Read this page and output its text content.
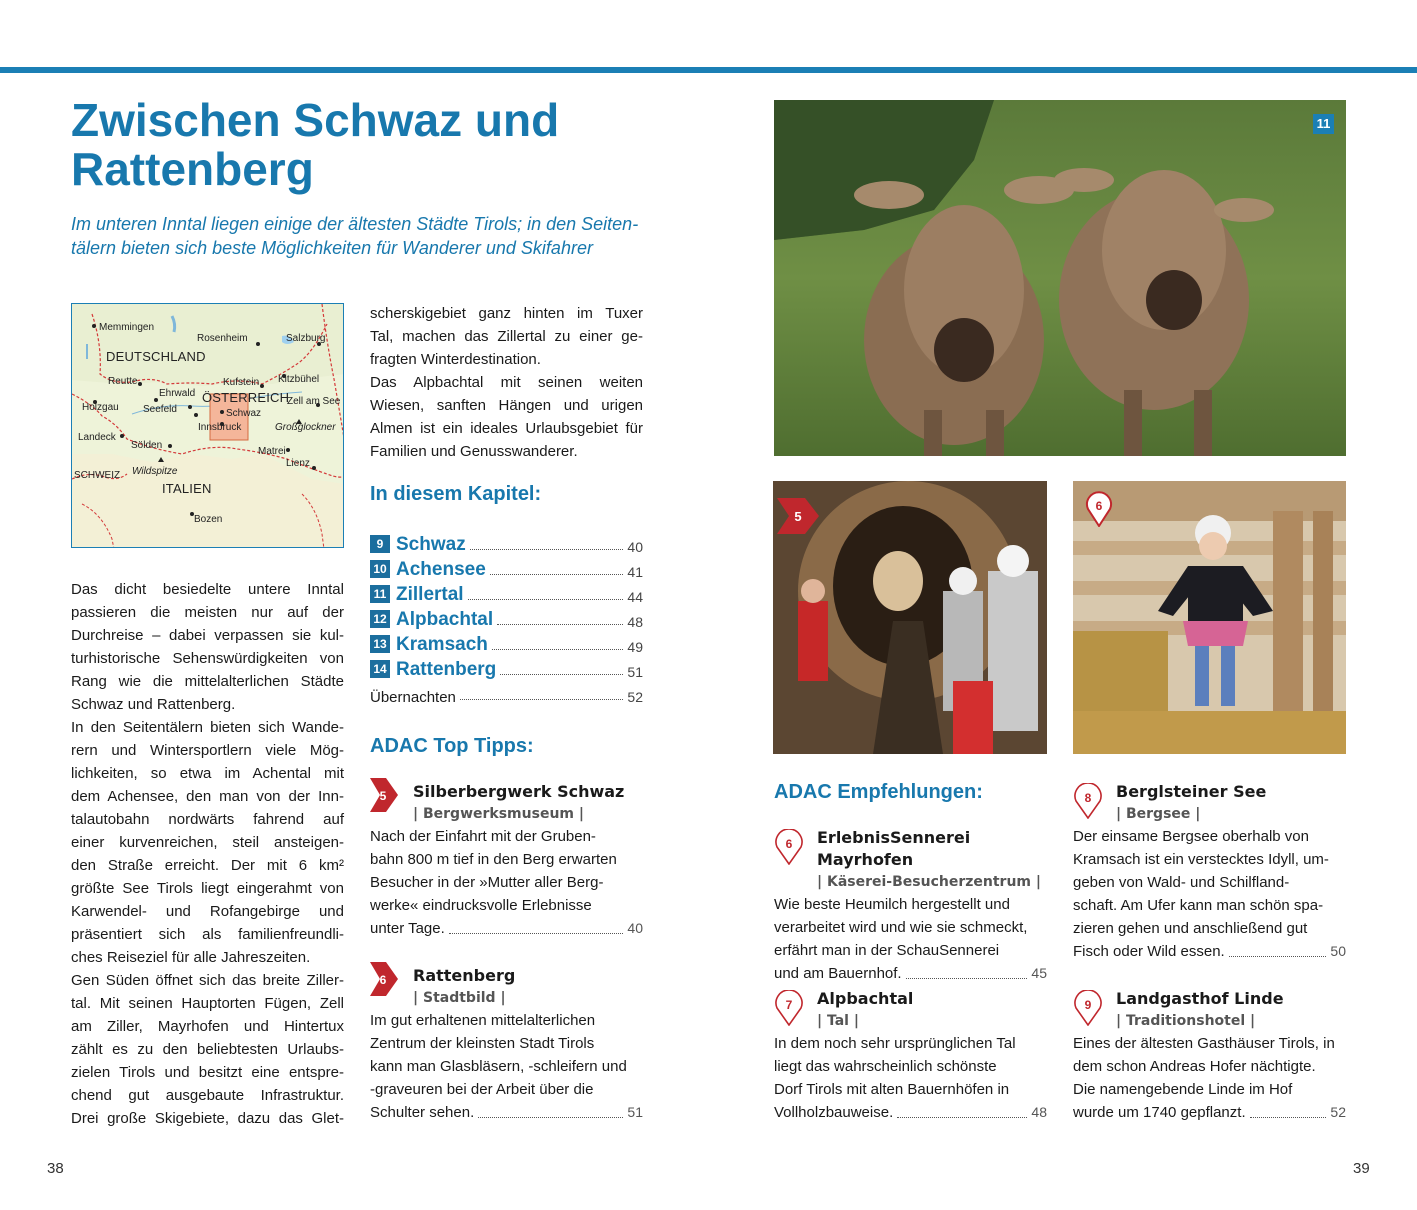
Zwischen Schwaz und
Rattenberg

Im unteren Inntal liegen einige der ältesten Städte Tirols; in den Seiten-
tälern bieten sich beste Möglichkeiten für Wanderer und Skifahrer

Memmingen
Rosenheim	Salzburg
DEUTSCHLAND
Reutte	Kufstein Kitzbühel
Ehrwald ÖSTERREICH
Zell am See
Holzgau Seefeld	Schwaz
Innsbruck	Großglockner
Landeck
Sölden
Matrei
Lienz
SCHWEIZ Wildspitze
ITALIEN
Bozen
Das dicht besiedelte untere Inntal
passieren die meisten nur auf der
Durchreise – dabei verpassen sie kul-
turhistorische Sehenswürdigkeiten von
Rang wie die mittelalterlichen Städte
Schwaz und Rattenberg.
In den Seitentälern bieten sich Wande-
rern und Wintersportlern viele Mög-
lichkeiten, so etwa im Achental mit
dem Achensee, den man von der Inn-
talautobahn nordwärts fahrend auf
einer kurvenreichen, steil ansteigen-
den Straße erreicht. Der mit 6 km²
größte See Tirols liegt eingerahmt von
Karwendel- und Rofangebirge und
präsentiert sich als familienfreundli-
ches Reiseziel für alle Jahreszeiten.
Gen Süden öffnet sich das breite Ziller-
tal. Mit seinen Hauptorten Fügen, Zell
am Ziller, Mayrhofen und Hintertux
zählt es zu den beliebtesten Urlaubs-
zielen Tirols und besitzt eine entspre-
chend gut ausgebaute Infrastruktur.
Drei große Skigebiete, dazu das Glet-
scherskigebiet ganz hinten im Tuxer
Tal, machen das Zillertal zu einer ge-
fragten Winterdestination.
Das Alpbachtal mit seinen weiten
Wiesen, sanften Hängen und urigen
Almen ist ein ideales Urlaubsgebiet für
Familien und Genusswanderer.
In diesem Kapitel:
9 Schwaz	40
10 Achensee	41
11 Zillertal	44
12 Alpbachtal	48
13 Kramsach	49
14 Rattenberg	51
Übernachten	52
ADAC Top Tipps:
5 Silberbergwerk Schwaz
| Bergwerksmuseum |
Nach der Einfahrt mit der Gruben-
bahn 800 m tief in den Berg erwarten
Besucher in der »Mutter aller Berg-
werke« eindrucksvolle Erlebnisse
unter Tage.	40
6 Rattenberg
| Stadtbild |
Im gut erhaltenen mittelalterlichen
Zentrum der kleinsten Stadt Tirols
kann man Glasbläsern, -schleifern und
-graveuren bei der Arbeit über die
Schulter sehen.	51
11
5
6
ADAC Empfehlungen:
6 ErlebnisSennerei Mayrhofen
| Käserei-Besucherzentrum |
Wie beste Heumilch hergestellt und
verarbeitet wird und wie sie schmeckt,
erfährt man in der SchauSennerei
und am Bauernhof.	45
7 Alpbachtal
| Tal |
In dem noch sehr ursprünglichen Tal
liegt das wahrscheinlich schönste
Dorf Tirols mit alten Bauernhöfen in
Vollholzbauweise.	48
8 Berglsteiner See
| Bergsee |
Der einsame Bergsee oberhalb von
Kramsach ist ein verstecktes Idyll, um-
geben von Wald- und Schilfland-
schaft. Am Ufer kann man schön spa-
zieren gehen und anschließend gut
Fisch oder Wild essen.	50
9 Landgasthof Linde
| Traditionshotel |
Eines der ältesten Gasthäuser Tirols, in
dem schon Andreas Hofer nächtigte.
Die namengebende Linde im Hof
wurde um 1740 gepflanzt.	52
38	39
